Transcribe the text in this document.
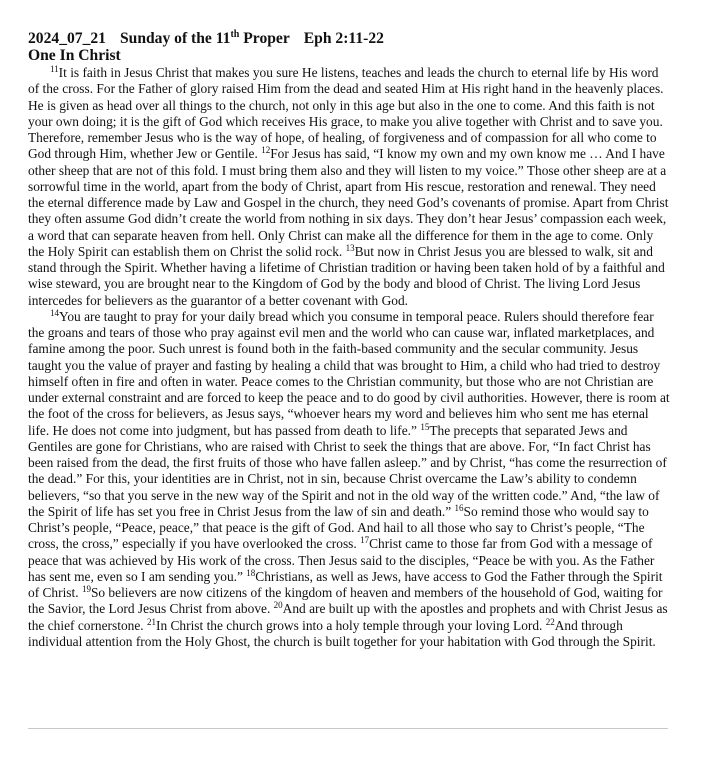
2024_07_21 Sunday of the 11th Proper Eph 2:11-22

One In Christ

$^{11}$It is faith in Jesus Christ that makes you sure He listens, teaches and leads the church to eternal life by His word of the cross. For the Father of glory raised Him from the dead and seated Him at His right hand in the heavenly places. He is given as head over all things to the church, not only in this age but also in the one to come. And this faith is not your own doing; it is the gift of God which receives His grace, to make you alive together with Christ and to save you. Therefore, remember Jesus who is the way of hope, of healing, of forgiveness and of compassion for all who come to God through Him, whether Jew or Gentile. $^{12}$For Jesus has said, “I know my own and my own know me … And I have other sheep that are not of this fold. I must bring them also and they will listen to my voice.” Those other sheep are at a sorrowful time in the world, apart from the body of Christ, apart from His rescue, restoration and renewal. They need the eternal difference made by Law and Gospel in the church, they need God’s covenants of promise. Apart from Christ they often assume God didn’t create the world from nothing in six days. They don’t hear Jesus’ compassion each week, a word that can separate heaven from hell. Only Christ can make all the difference for them in the age to come. Only the Holy Spirit can establish them on Christ the solid rock. $^{13}$But now in Christ Jesus you are blessed to walk, sit and stand through the Spirit. Whether having a lifetime of Christian tradition or having been taken hold of by a faithful and wise steward, you are brought near to the Kingdom of God by the body and blood of Christ. The living Lord Jesus intercedes for believers as the guarantor of a better covenant with God.

$^{14}$You are taught to pray for your daily bread which you consume in temporal peace. Rulers should therefore fear the groans and tears of those who pray against evil men and the world who can cause war, inflated marketplaces, and famine among the poor. Such unrest is found both in the faith-based community and the secular community. Jesus taught you the value of prayer and fasting by healing a child that was brought to Him, a child who had tried to destroy himself often in fire and often in water. Peace comes to the Christian community, but those who are not Christian are under external constraint and are forced to keep the peace and to do good by civil authorities. However, there is room at the foot of the cross for believers, as Jesus says, “whoever hears my word and believes him who sent me has eternal life. He does not come into judgment, but has passed from death to life.” $^{15}$The precepts that separated Jews and Gentiles are gone for Christians, who are raised with Christ to seek the things that are above. For, “In fact Christ has been raised from the dead, the first fruits of those who have fallen asleep.” and by Christ, “has come the resurrection of the dead.” For this, your identities are in Christ, not in sin, because Christ overcame the Law’s ability to condemn believers, “so that you serve in the new way of the Spirit and not in the old way of the written code.” And, “the law of the Spirit of life has set you free in Christ Jesus from the law of sin and death.” $^{16}$So remind those who would say to Christ’s people, “Peace, peace,” that peace is the gift of God. And hail to all those who say to Christ’s people, “The cross, the cross,” especially if you have overlooked the cross. $^{17}$Christ came to those far from God with a message of peace that was achieved by His work of the cross. Then Jesus said to the disciples, “Peace be with you. As the Father has sent me, even so I am sending you.” $^{18}$Christians, as well as Jews, have access to God the Father through the Spirit of Christ. $^{19}$So believers are now citizens of the kingdom of heaven and members of the household of God, waiting for the Savior, the Lord Jesus Christ from above. $^{20}$And are built up with the apostles and prophets and with Christ Jesus as the chief cornerstone. $^{21}$In Christ the church grows into a holy temple through your loving Lord. $^{22}$And through individual attention from the Holy Ghost, the church is built together for your habitation with God through the Spirit.
